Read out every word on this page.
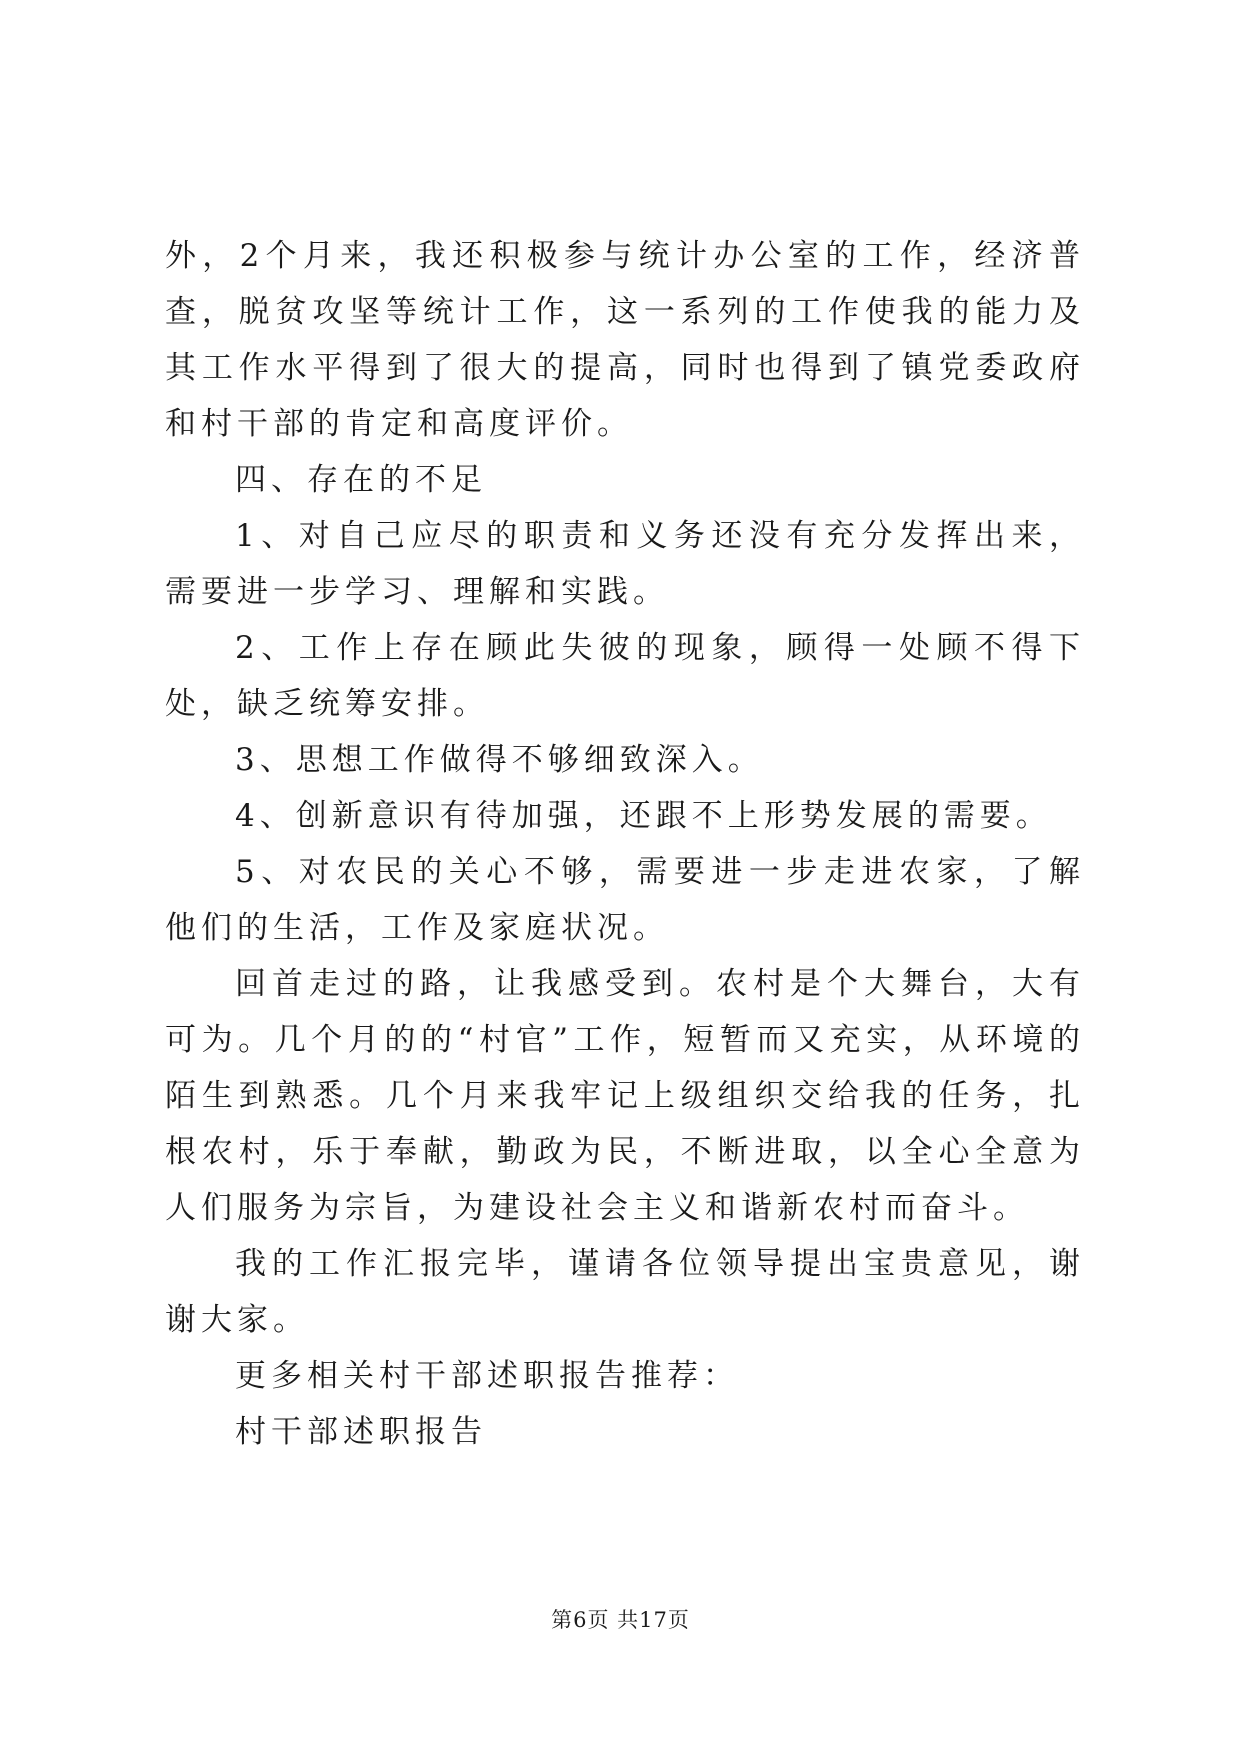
外，2个月来，我还积极参与统计办公室的工作，经济普查，脱贫攻坚等统计工作，这一系列的工作使我的能力及其工作水平得到了很大的提高，同时也得到了镇党委政府和村干部的肯定和高度评价。

四、存在的不足

1、对自己应尽的职责和义务还没有充分发挥出来，需要进一步学习、理解和实践。

2、工作上存在顾此失彼的现象，顾得一处顾不得下处，缺乏统筹安排。

3、思想工作做得不够细致深入。

4、创新意识有待加强，还跟不上形势发展的需要。

5、对农民的关心不够，需要进一步走进农家，了解他们的生活，工作及家庭状况。

回首走过的路，让我感受到。农村是个大舞台，大有可为。几个月的的“村官”工作，短暂而又充实，从环境的陌生到熟悉。几个月来我牢记上级组织交给我的任务，扎根农村，乐于奉献，勤政为民，不断进取，以全心全意为人们服务为宗旨，为建设社会主义和谐新农村而奋斗。

我的工作汇报完毕，谨请各位领导提出宝贵意见，谢谢大家。

更多相关村干部述职报告推荐：

村干部述职报告

第6页 共17页
